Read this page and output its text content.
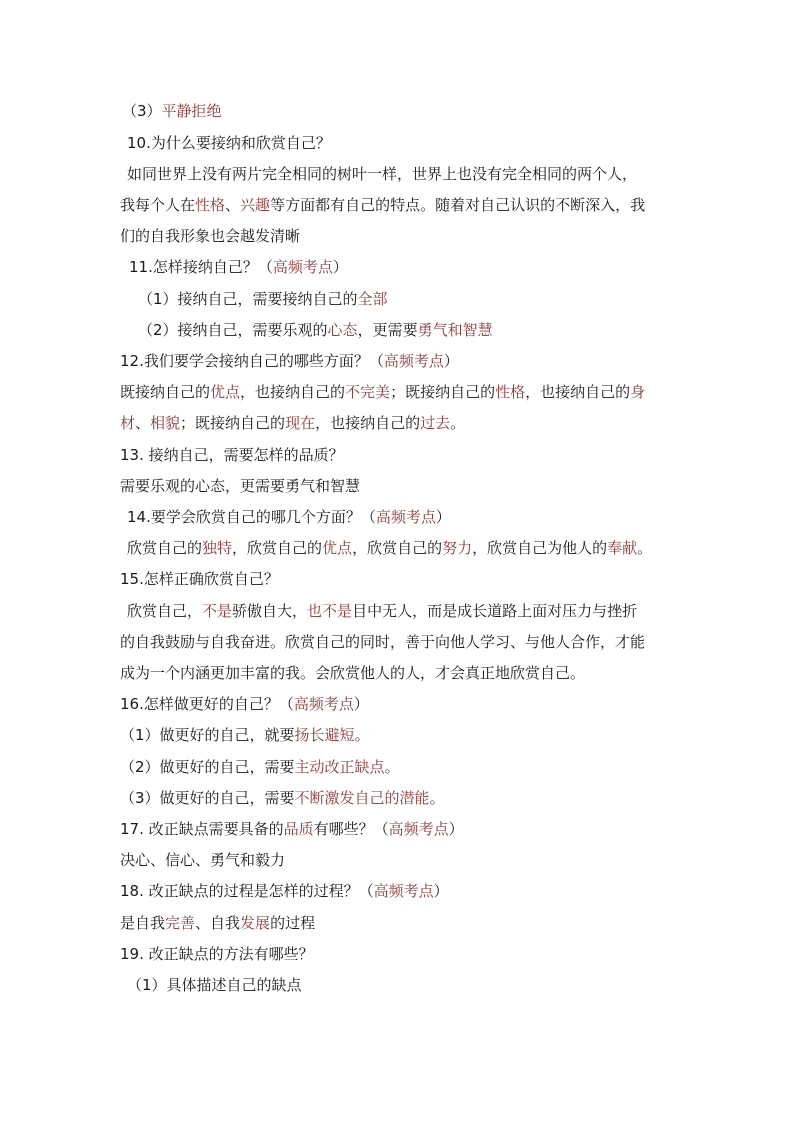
（3）平静拒绝
10.为什么要接纳和欣赏自己？
如同世界上没有两片完全相同的树叶一样，世界上也没有完全相同的两个人，
我每个人在性格、兴趣等方面都有自己的特点。随着对自己认识的不断深入，我
们的自我形象也会越发清晰
11.怎样接纳自己？（高频考点）
（1）接纳自己，需要接纳自己的全部
（2）接纳自己，需要乐观的心态，更需要勇气和智慧
12.我们要学会接纳自己的哪些方面？（高频考点）
既接纳自己的优点，也接纳自己的不完美；既接纳自己的性格，也接纳自己的身
材、相貌；既接纳自己的现在，也接纳自己的过去。
13. 接纳自己，需要怎样的品质？
需要乐观的心态，更需要勇气和智慧
14.要学会欣赏自己的哪几个方面？（高频考点）
欣赏自己的独特，欣赏自己的优点，欣赏自己的努力，欣赏自己为他人的奉献。
15.怎样正确欣赏自己？
欣赏自己，不是骄傲自大，也不是目中无人，而是成长道路上面对压力与挫折
的自我鼓励与自我奋进。欣赏自己的同时，善于向他人学习、与他人合作，才能
成为一个内涵更加丰富的我。会欣赏他人的人，才会真正地欣赏自己。
16.怎样做更好的自己？（高频考点）
（1）做更好的自己，就要扬长避短。
（2）做更好的自己，需要主动改正缺点。
（3）做更好的自己，需要不断激发自己的潜能。
17. 改正缺点需要具备的品质有哪些？（高频考点）
决心、信心、勇气和毅力
18. 改正缺点的过程是怎样的过程？（高频考点）
是自我完善、自我发展的过程
19. 改正缺点的方法有哪些？
（1）具体描述自己的缺点
